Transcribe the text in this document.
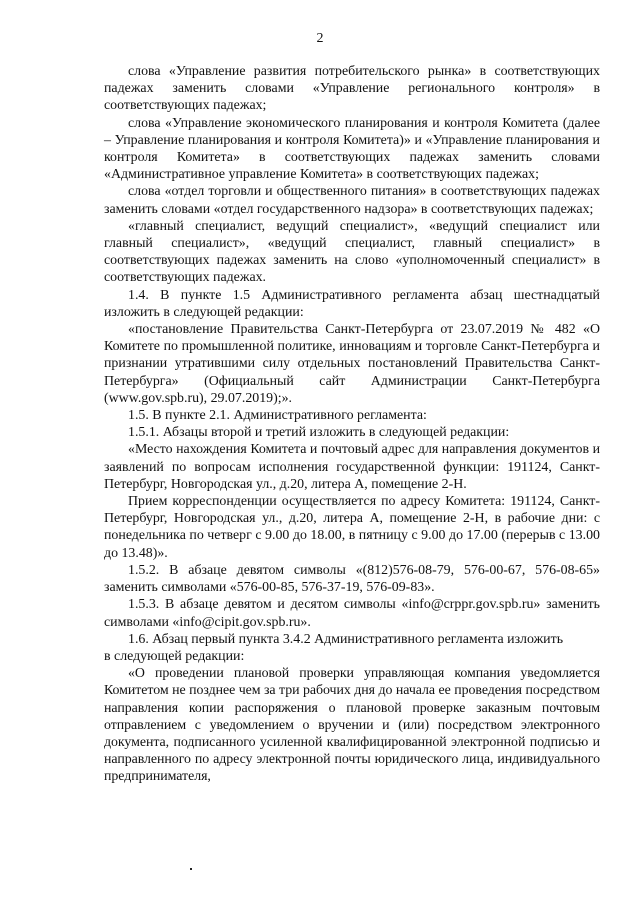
2

слова «Управление развития потребительского рынка» в соответствующих падежах заменить словами «Управление регионального контроля» в соответствующих падежах;

слова «Управление экономического планирования и контроля Комитета (далее – Управление планирования и контроля Комитета)» и «Управление планирования и контроля Комитета» в соответствующих падежах заменить словами «Административное управление Комитета» в соответствующих падежах;

слова «отдел торговли и общественного питания» в соответствующих падежах заменить словами «отдел государственного надзора» в соответствующих падежах;

«главный специалист, ведущий специалист», «ведущий специалист или главный специалист», «ведущий специалист, главный специалист» в соответствующих падежах заменить на слово «уполномоченный специалист» в соответствующих падежах.

1.4. В пункте 1.5 Административного регламента абзац шестнадцатый изложить в следующей редакции:

«постановление Правительства Санкт-Петербурга от 23.07.2019 № 482 «О Комитете по промышленной политике, инновациям и торговле Санкт-Петербурга и признании утратившими силу отдельных постановлений Правительства Санкт-Петербурга» (Официальный сайт Администрации Санкт-Петербурга (www.gov.spb.ru), 29.07.2019);».

1.5. В пункте 2.1. Административного регламента:

1.5.1. Абзацы второй и третий изложить в следующей редакции:

«Место нахождения Комитета и почтовый адрес для направления документов и заявлений по вопросам исполнения государственной функции: 191124, Санкт-Петербург, Новгородская ул., д.20, литера А, помещение 2-Н.

Прием корреспонденции осуществляется по адресу Комитета: 191124, Санкт-Петербург, Новгородская ул., д.20, литера А, помещение 2-Н, в рабочие дни: с понедельника по четверг с 9.00 до 18.00, в пятницу с 9.00 до 17.00 (перерыв с 13.00 до 13.48)».

1.5.2. В абзаце девятом символы «(812)576-08-79, 576-00-67, 576-08-65» заменить символами «576-00-85, 576-37-19, 576-09-83».

1.5.3. В абзаце девятом и десятом символы «info@crppr.gov.spb.ru» заменить символами «info@cipit.gov.spb.ru».

1.6. Абзац первый пункта 3.4.2 Административного регламента изложить

в следующей редакции:

«О проведении плановой проверки управляющая компания уведомляется Комитетом не позднее чем за три рабочих дня до начала ее проведения посредством направления копии распоряжения о плановой проверке заказным почтовым отправлением с уведомлением о вручении и (или) посредством электронного документа, подписанного усиленной квалифицированной электронной подписью и направленного по адресу электронной почты юридического лица, индивидуального предпринимателя,
